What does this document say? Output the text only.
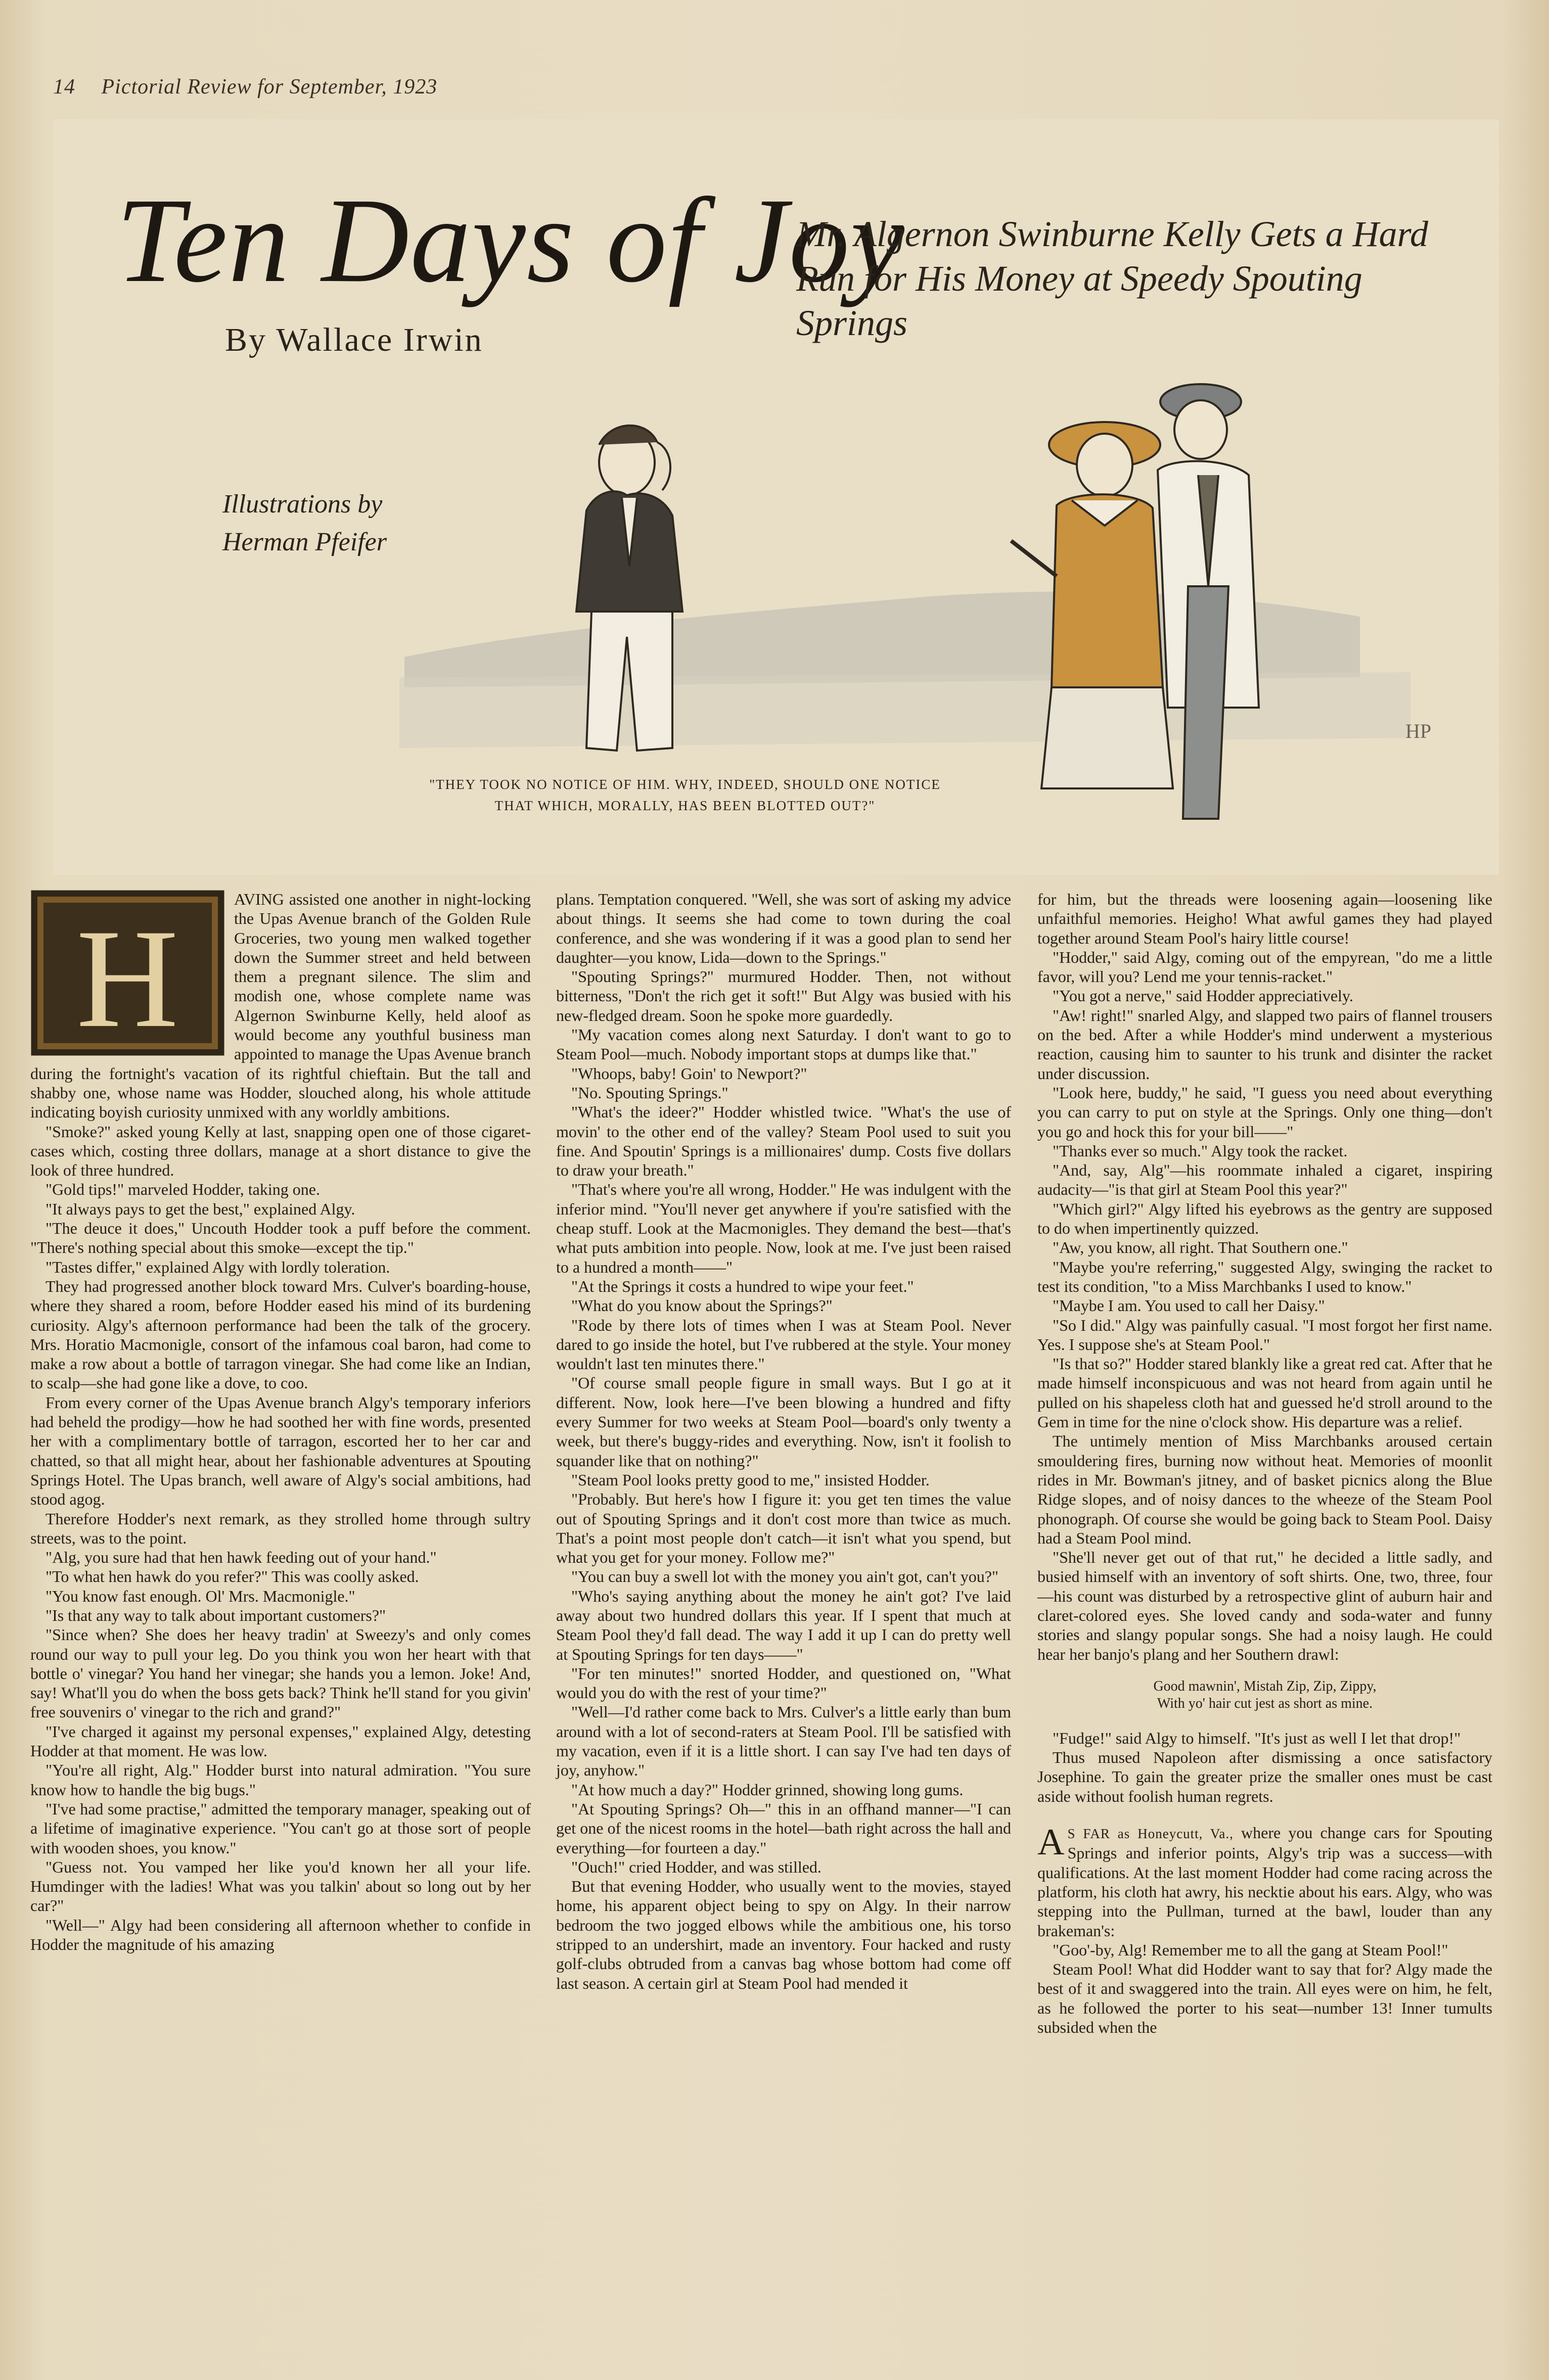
14 Pictorial Review for September, 1923
Ten Days of Joy
Mr. Algernon Swinburne Kelly Gets a Hard Run for His Money at Speedy Spouting Springs
By Wallace Irwin
Illustrations by
Herman Pfeifer
HP
"THEY TOOK NO NOTICE OF HIM. WHY, INDEED, SHOULD ONE NOTICE THAT WHICH, MORALLY, HAS BEEN BLOTTED OUT?"
H

AVING assisted one another in night-locking the Upas Avenue branch of the Golden Rule Groceries, two young men walked together down the Summer street and held between them a pregnant silence. The slim and modish one, whose complete name was Algernon Swinburne Kelly, held aloof as would become any youthful business man appointed to manage the Upas Avenue branch during the fortnight's vacation of its rightful chieftain. But the tall and shabby one, whose name was Hodder, slouched along, his whole attitude indicating boyish curiosity unmixed with any worldly ambitions.

"Smoke?" asked young Kelly at last, snapping open one of those cigaret-cases which, costing three dollars, manage at a short distance to give the look of three hundred.

"Gold tips!" marveled Hodder, taking one.

"It always pays to get the best," explained Algy.

"The deuce it does," Uncouth Hodder took a puff before the comment. "There's nothing special about this smoke—except the tip."

"Tastes differ," explained Algy with lordly toleration.

They had progressed another block toward Mrs. Culver's boarding-house, where they shared a room, before Hodder eased his mind of its burdening curiosity. Algy's afternoon performance had been the talk of the grocery. Mrs. Horatio Macmonigle, consort of the infamous coal baron, had come to make a row about a bottle of tarragon vinegar. She had come like an Indian, to scalp—she had gone like a dove, to coo.

From every corner of the Upas Avenue branch Algy's temporary inferiors had beheld the prodigy—how he had soothed her with fine words, presented her with a complimentary bottle of tarragon, escorted her to her car and chatted, so that all might hear, about her fashionable adventures at Spouting Springs Hotel. The Upas branch, well aware of Algy's social ambitions, had stood agog.

Therefore Hodder's next remark, as they strolled home through sultry streets, was to the point.

"Alg, you sure had that hen hawk feeding out of your hand."

"To what hen hawk do you refer?" This was coolly asked.

"You know fast enough. Ol' Mrs. Macmonigle."

"Is that any way to talk about important customers?"

"Since when? She does her heavy tradin' at Sweezy's and only comes round our way to pull your leg. Do you think you won her heart with that bottle o' vinegar? You hand her vinegar; she hands you a lemon. Joke! And, say! What'll you do when the boss gets back? Think he'll stand for you givin' free souvenirs o' vinegar to the rich and grand?"

"I've charged it against my personal expenses," explained Algy, detesting Hodder at that moment. He was low.

"You're all right, Alg." Hodder burst into natural admiration. "You sure know how to handle the big bugs."

"I've had some practise," admitted the temporary manager, speaking out of a lifetime of imaginative experience. "You can't go at those sort of people with wooden shoes, you know."

"Guess not. You vamped her like you'd known her all your life. Humdinger with the ladies! What was you talkin' about so long out by her car?"

"Well—" Algy had been considering all afternoon whether to confide in Hodder the magnitude of his amazing

plans. Temptation conquered. "Well, she was sort of asking my advice about things. It seems she had come to town during the coal conference, and she was wondering if it was a good plan to send her daughter—you know, Lida—down to the Springs."

"Spouting Springs?" murmured Hodder. Then, not without bitterness, "Don't the rich get it soft!" But Algy was busied with his new-fledged dream. Soon he spoke more guardedly.

"My vacation comes along next Saturday. I don't want to go to Steam Pool—much. Nobody important stops at dumps like that."

"Whoops, baby! Goin' to Newport?"

"No. Spouting Springs."

"What's the ideer?" Hodder whistled twice. "What's the use of movin' to the other end of the valley? Steam Pool used to suit you fine. And Spoutin' Springs is a millionaires' dump. Costs five dollars to draw your breath."

"That's where you're all wrong, Hodder." He was indulgent with the inferior mind. "You'll never get anywhere if you're satisfied with the cheap stuff. Look at the Macmonigles. They demand the best—that's what puts ambition into people. Now, look at me. I've just been raised to a hundred a month——"

"At the Springs it costs a hundred to wipe your feet."

"What do you know about the Springs?"

"Rode by there lots of times when I was at Steam Pool. Never dared to go inside the hotel, but I've rubbered at the style. Your money wouldn't last ten minutes there."

"Of course small people figure in small ways. But I go at it different. Now, look here—I've been blowing a hundred and fifty every Summer for two weeks at Steam Pool—board's only twenty a week, but there's buggy-rides and everything. Now, isn't it foolish to squander like that on nothing?"

"Steam Pool looks pretty good to me," insisted Hodder.

"Probably. But here's how I figure it: you get ten times the value out of Spouting Springs and it don't cost more than twice as much. That's a point most people don't catch—it isn't what you spend, but what you get for your money. Follow me?"

"You can buy a swell lot with the money you ain't got, can't you?"

"Who's saying anything about the money he ain't got? I've laid away about two hundred dollars this year. If I spent that much at Steam Pool they'd fall dead. The way I add it up I can do pretty well at Spouting Springs for ten days——"

"For ten minutes!" snorted Hodder, and questioned on, "What would you do with the rest of your time?"

"Well—I'd rather come back to Mrs. Culver's a little early than bum around with a lot of second-raters at Steam Pool. I'll be satisfied with my vacation, even if it is a little short. I can say I've had ten days of joy, anyhow."

"At how much a day?" Hodder grinned, showing long gums.

"At Spouting Springs? Oh—" this in an offhand manner—"I can get one of the nicest rooms in the hotel—bath right across the hall and everything—for fourteen a day."

"Ouch!" cried Hodder, and was stilled.

But that evening Hodder, who usually went to the movies, stayed home, his apparent object being to spy on Algy. In their narrow bedroom the two jogged elbows while the ambitious one, his torso stripped to an undershirt, made an inventory. Four hacked and rusty golf-clubs obtruded from a canvas bag whose bottom had come off last season. A certain girl at Steam Pool had mended it

for him, but the threads were loosening again—loosening like unfaithful memories. Heigho! What awful games they had played together around Steam Pool's hairy little course!

"Hodder," said Algy, coming out of the empyrean, "do me a little favor, will you? Lend me your tennis-racket."

"You got a nerve," said Hodder appreciatively.

"Aw! right!" snarled Algy, and slapped two pairs of flannel trousers on the bed. After a while Hodder's mind underwent a mysterious reaction, causing him to saunter to his trunk and disinter the racket under discussion.

"Look here, buddy," he said, "I guess you need about everything you can carry to put on style at the Springs. Only one thing—don't you go and hock this for your bill——"

"Thanks ever so much." Algy took the racket.

"And, say, Alg"—his roommate inhaled a cigaret, inspiring audacity—"is that girl at Steam Pool this year?"

"Which girl?" Algy lifted his eyebrows as the gentry are supposed to do when impertinently quizzed.

"Aw, you know, all right. That Southern one."

"Maybe you're referring," suggested Algy, swinging the racket to test its condition, "to a Miss Marchbanks I used to know."

"Maybe I am. You used to call her Daisy."

"So I did." Algy was painfully casual. "I most forgot her first name. Yes. I suppose she's at Steam Pool."

"Is that so?" Hodder stared blankly like a great red cat. After that he made himself inconspicuous and was not heard from again until he pulled on his shapeless cloth hat and guessed he'd stroll around to the Gem in time for the nine o'clock show. His departure was a relief.

The untimely mention of Miss Marchbanks aroused certain smouldering fires, burning now without heat. Memories of moonlit rides in Mr. Bowman's jitney, and of basket picnics along the Blue Ridge slopes, and of noisy dances to the wheeze of the Steam Pool phonograph. Of course she would be going back to Steam Pool. Daisy had a Steam Pool mind.

"She'll never get out of that rut," he decided a little sadly, and busied himself with an inventory of soft shirts. One, two, three, four—his count was disturbed by a retrospective glint of auburn hair and claret-colored eyes. She loved candy and soda-water and funny stories and slangy popular songs. She had a noisy laugh. He could hear her banjo's plang and her Southern drawl:

Good mawnin', Mistah Zip, Zip, Zippy,
With yo' hair cut jest as short as mine.

"Fudge!" said Algy to himself. "It's just as well I let that drop!"

Thus mused Napoleon after dismissing a once satisfactory Josephine. To gain the greater prize the smaller ones must be cast aside without foolish human regrets.

A S FAR as Honeycutt, Va., where you change cars for Spouting Springs and inferior points, Algy's trip was a success—with qualifications. At the last moment Hodder had come racing across the platform, his cloth hat awry, his necktie about his ears. Algy, who was stepping into the Pullman, turned at the bawl, louder than any brakeman's:

"Goo'-by, Alg! Remember me to all the gang at Steam Pool!"

Steam Pool! What did Hodder want to say that for? Algy made the best of it and swaggered into the train. All eyes were on him, he felt, as he followed the porter to his seat—number 13! Inner tumults subsided when the
